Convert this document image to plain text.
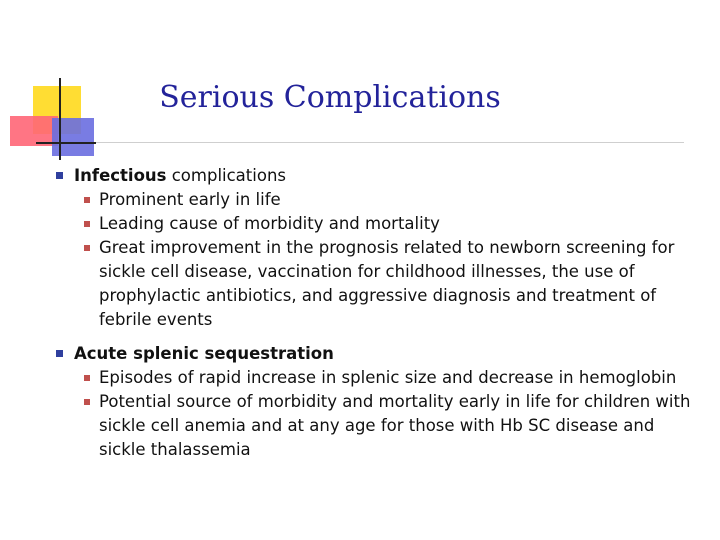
Serious Complications
Infectious complications
Prominent early in life
Leading cause of morbidity and mortality
Great improvement in the prognosis related to newborn screening for sickle cell disease, vaccination for childhood illnesses, the use of prophylactic antibiotics, and aggressive diagnosis and treatment of febrile events
Acute splenic sequestration
Episodes of rapid increase in splenic size and decrease in hemoglobin
Potential source of morbidity and mortality early in life for children with sickle cell anemia and at any age for those with Hb SC disease and sickle thalassemia
